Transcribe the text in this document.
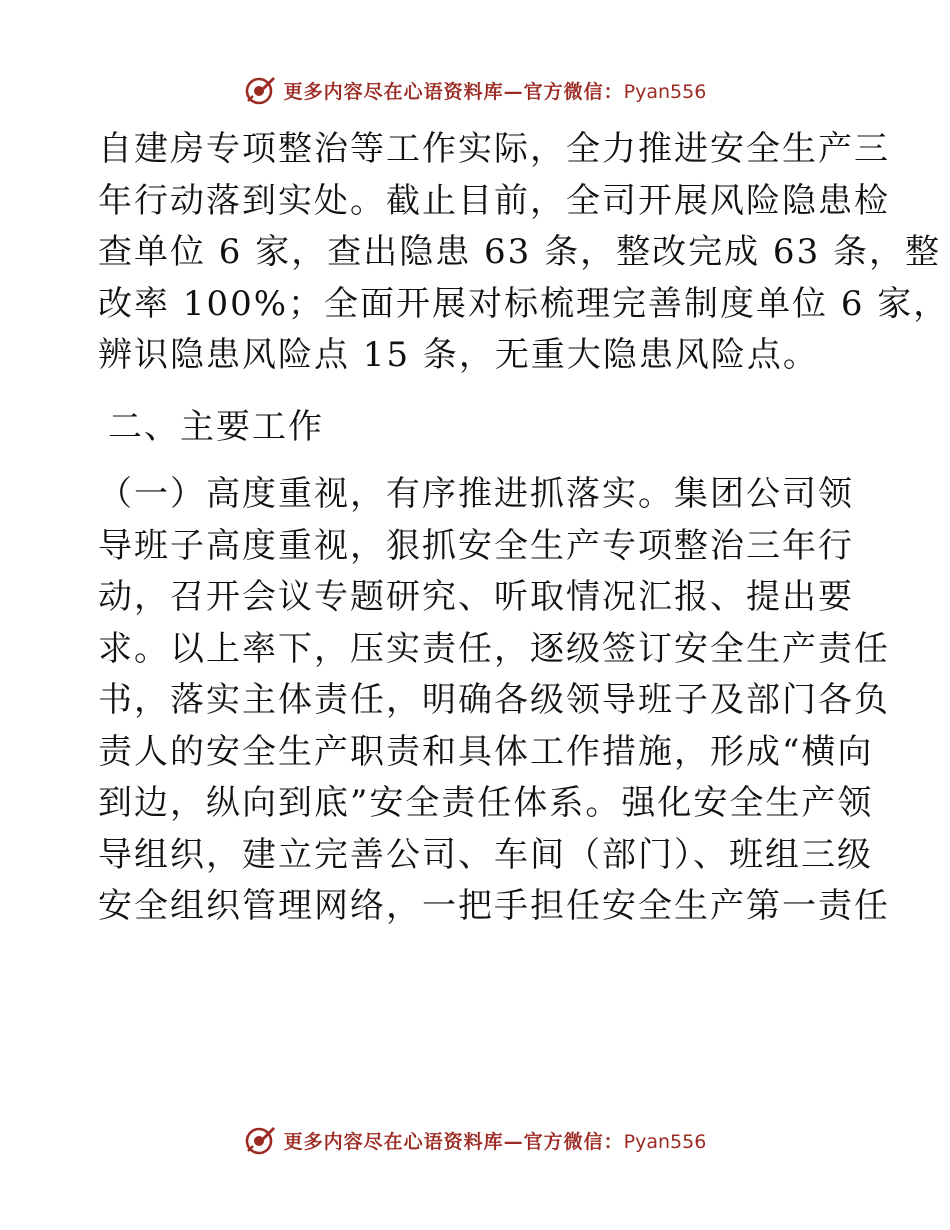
更多内容尽在心语资料库—官方微信：Pyan556
自建房专项整治等工作实际，全力推进安全生产三
年行动落到实处。截止目前，全司开展风险隐患检
查单位 6 家，查出隐患 63 条，整改完成 63 条，整
改率 100%；全面开展对标梳理完善制度单位 6 家，
辨识隐患风险点 15 条，无重大隐患风险点。
二、主要工作
（一）高度重视，有序推进抓落实。集团公司领
导班子高度重视，狠抓安全生产专项整治三年行
动，召开会议专题研究、听取情况汇报、提出要
求。以上率下，压实责任，逐级签订安全生产责任
书，落实主体责任，明确各级领导班子及部门各负
责人的安全生产职责和具体工作措施，形成“横向
到边，纵向到底”安全责任体系。强化安全生产领
导组织，建立完善公司、车间（部门）、班组三级
安全组织管理网络，一把手担任安全生产第一责任
更多内容尽在心语资料库—官方微信：Pyan556
